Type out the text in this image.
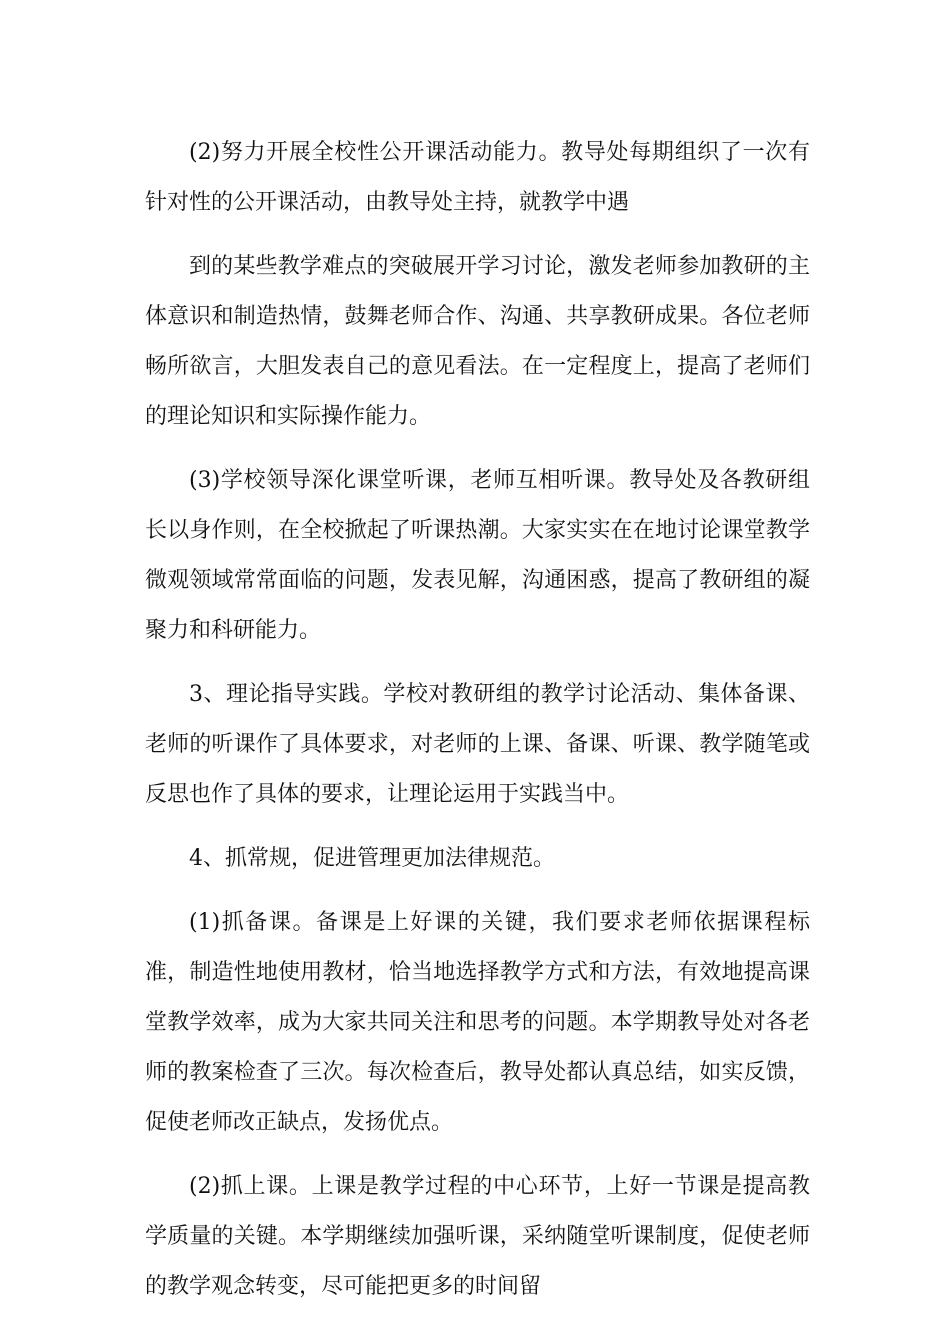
(2)努力开展全校性公开课活动能力。教导处每期组织了一次有针对性的公开课活动，由教导处主持，就教学中遇

到的某些教学难点的突破展开学习讨论，激发老师参加教研的主体意识和制造热情，鼓舞老师合作、沟通、共享教研成果。各位老师畅所欲言，大胆发表自己的意见看法。在一定程度上，提高了老师们的理论知识和实际操作能力。

(3)学校领导深化课堂听课，老师互相听课。教导处及各教研组长以身作则，在全校掀起了听课热潮。大家实实在在地讨论课堂教学微观领域常常面临的问题，发表见解，沟通困惑，提高了教研组的凝聚力和科研能力。

3、理论指导实践。学校对教研组的教学讨论活动、集体备课、老师的听课作了具体要求，对老师的上课、备课、听课、教学随笔或反思也作了具体的要求，让理论运用于实践当中。

4、抓常规，促进管理更加法律规范。

(1)抓备课。备课是上好课的关键，我们要求老师依据课程标准，制造性地使用教材，恰当地选择教学方式和方法，有效地提高课堂教学效率，成为大家共同关注和思考的问题。本学期教导处对各老师的教案检查了三次。每次检查后，教导处都认真总结，如实反馈，促使老师改正缺点，发扬优点。

(2)抓上课。上课是教学过程的中心环节，上好一节课是提高教学质量的关键。本学期继续加强听课，采纳随堂听课制度，促使老师的教学观念转变，尽可能把更多的时间留
